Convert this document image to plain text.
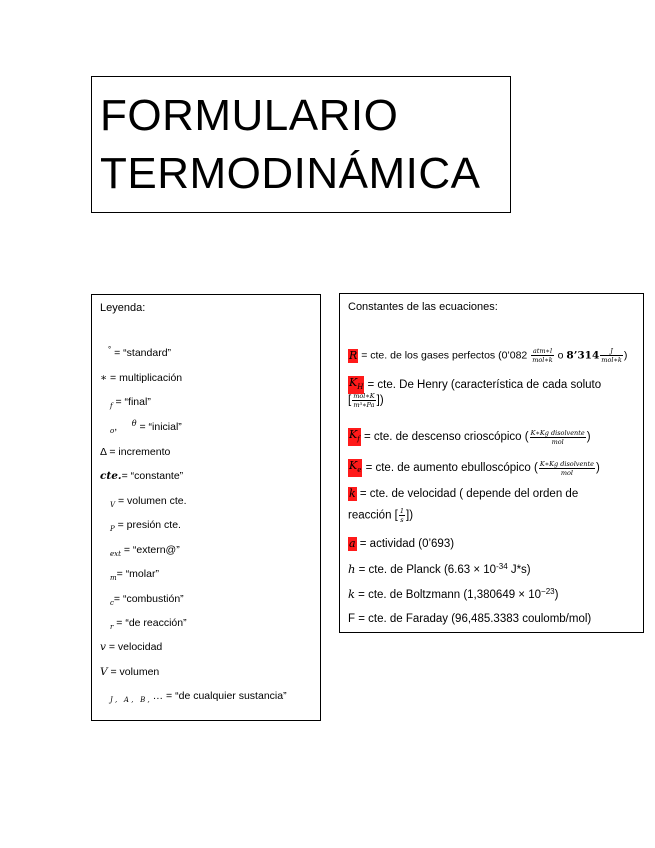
FORMULARIO
TERMODINÁMICA
Leyenda:
° = “standard”
∗ = multiplicación
$_f$ = “final”
$_o$,     $^\theta$ = “inicial”
Δ = incremento
cte.= “constante”
$_V$ = volumen cte.
$_P$ = presión cte.
$_{ext}$ = “extern@”
$_m$= “molar”
$_c$= “combustión”
$_r$ = “de reacción”
v = velocidad
V = volumen
$_{J , A , B ,}$ … = “de cualquier sustancia”
Constantes de las ecuaciones:
R = cte. de los gases perfectos (0’082 $\frac{\text{atm∗l}}{\text{mol∗k}}$ o 8’314 $\frac{J}{\text{mol∗k}}$ )
$K_H$ = cte. De Henry (característica de cada soluto
[ $\frac{\text{mol∗K}}{\text{m³∗Pa}}$ ])
$K_f$ = cte. de descenso crioscópico ( $\frac{\text{K∗Kg disolvente}}{\text{mol}}$ )
$K_e$ = cte. de aumento ebulloscópico ( $\frac{\text{K∗Kg disolvente}}{\text{mol}}$ )
k = cte. de velocidad ( depende del orden de
reacción [ $\frac{1}{s}$ ])
a = actividad (0’693)
h = cte. de Planck ($6.63 \times 10^{-34}$ J*s)
k = cte. de Boltzmann $(1,380649 \times 10^{-23})$
F = cte. de Faraday (96,485.3383 coulomb/mol)
